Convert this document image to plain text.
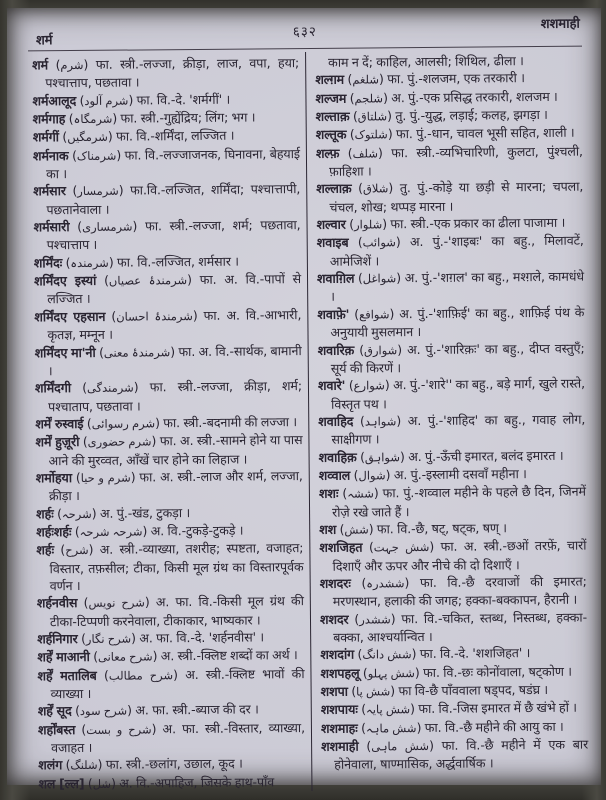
शर्म
६३२	शशमाही
शर्म (شرم) फा. स्त्री.-लज्जा, क्रीड़ा, लाज, वपा, हया; पश्चात्ताप, पछतावा ।
शर्मआलूद (شرم آلود) फा. वि.-दे. 'शर्मगीं' ।
शर्मगाह (شرمگاہ) फा. स्त्री.-गुह्येंद्रिय; लिंग; भग ।
शर्मगीं (شرمگیں) फा. वि.-शर्मिंदा, लज्जित ।
शर्मनाक (شرمناک) फा. वि.-लज्जाजनक, घिनावना, बेहयाई का ।
शर्मसार (شرمسار) फा.वि.-लज्जित, शर्मिंदा; पश्चात्तापी, पछतानेवाला ।
शर्मसारी (شرمساری) फा. स्त्री.-लज्जा, शर्म; पछतावा, पश्चात्ताप ।
शर्मिंदः (شرمندہ) फा. वि.-लज्जित, शर्मसार ।
शर्मिंदए इस्यां (شرمندۂ عصیاں) फा. अ. वि.-पापों से लज्जित ।
शर्मिंदए एहसान (شرمندۂ احسان) फा. अ. वि.-आभारी, कृतज्ञ, मम्नून ।
शर्मिंदए मा'नी (شرمندۂ معنی) फा. अ. वि.-सार्थक, बामानी ।
शर्मिंदगी (شرمندگی) फा. स्त्री.-लज्जा, क्रीड़ा, शर्म; पश्चाताप, पछतावा ।
शर्में रुस्वाई (شرم رسوائی) फा. स्त्री.-बदनामी की लज्जा ।
शर्में हुज़ूरी (شرم حضوری) फा. अ. स्त्री.-सामने होने या पास आने की मुरव्वत, आँखें चार होने का लिहाज ।
शर्मोहया (شرم و حیا) फा. अ. स्त्री.-लाज और शर्म, लज्जा, क्रीड़ा ।
शर्हः (شرحہ) अ. पुं.-खंड, टुकड़ा ।
शर्हःशर्हः (شرحہ شرحہ) अ. वि.-टुकड़े-टुकड़े ।
शर्हः (شرح) अ. स्त्री.-व्याख्या, तशरीह; स्पष्टता, वजाहत; विस्तार, तफ़सील; टीका, किसी मूल ग्रंथ का विस्तारपूर्वक वर्णन ।
शर्हनवीस (شرح نویس) अ. फा. वि.-किसी मूल ग्रंथ की टीका-टिप्पणी करनेवाला, टीकाकार, भाष्यकार ।
शर्हनिगार (شرح نگار) अ. फा. वि.-दे. 'शर्हनवीस' ।
शर्हें माआनी (شرح معانی) अ. स्त्री.-क्लिष्ट शब्दों का अर्थ ।
शर्हें मतालिब (شرح مطالب) अ. स्त्री.-क्लिष्ट भावों की व्याख्या ।
शर्हें सूद (شرح سود) अ. फा. स्त्री.-ब्याज की दर ।
शर्होंबस्त (شرح و بست) अ. फा. स्त्री.-विस्तार, व्याख्या, वजाहत ।
शलंग (شلنگ) फा. स्त्री.-छलांग, उछाल, कूद ।
शल [ल्ल] (شل) अ. वि.-अपाहिज, जिसके हाथ-पाँव
काम न दें; काहिल, आलसी; शिथिल, ढीला ।
शल्ग़म (شلغم) फा. पुं.-शलजम, एक तरकारी ।
शल्जम (شلجم) अ. पुं.-एक प्रसिद्ध तरकारी, शलजम ।
शल्ताक़ (شلتاق) तु. पुं.-युद्ध, लड़ाई; कलह, झगड़ा ।
शल्तूक (شلتوک) फा. पुं.-धान, चावल भूसी सहित, शाली ।
शल्फ़ (شلف) फा. स्त्री.-व्यभिचारिणी, कुलटा, पुंश्चली, फ़ाहिशा ।
शल्लाक़ (شلاق) तु. पुं.-कोड़े या छड़ी से मारना; चपला, चंचल, शोख; थप्पड़ मारना ।
शल्वार (شلوار) फा. स्त्री.-एक प्रकार का ढीला पाजामा ।
शवाइब (شوائب) अ. पुं.-'शाइबः' का बहु., मिलावटें, आमेजिशें ।
शवाग़िल (شواغل) अ. पुं.-'शग़ल' का बहु., मश्ग़ले, कामधंधे ।
शवाफ़े' (شوافع) अ. पुं.-'शाफ़िई' का बहु., शाफ़िई पंथ के अनुयायी मुसलमान ।
शवारिक़ (شوارق) अ. पुं.-'शारिक़ः' का बहु., दीप्त वस्तुएँ; सूर्य की किरणें ।
शवारे' (شوارع) अ. पुं.-'शारे'' का बहु., बड़े मार्ग, खुले रास्ते, विस्तृत पथ ।
शवाहिद (شواہد) अ. पुं.-'शाहिद' का बहु., गवाह लोग, साक्षीगण ।
शवाहिक़ (شواہق) अ. पुं.-ऊँची इमारत, बलंद इमारत ।
शव्वाल (شوال) अ. पुं.-इस्लामी दसवाँ महीना ।
शशः (ششہ) फा. पुं.-शव्वाल महीने के पहले छै दिन, जिनमें रोज़े रखे जाते हैं ।
शश (شش) फा. वि.-छै, षट्, षट्क, षण् ।
शशजिहत (شش جہت) फा. अ. स्त्री.-छओं तरफ़ें, चारों दिशाएँ और ऊपर और नीचे की दो दिशाएँ ।
शशदरः (ششدرہ) फा. वि.-छै दरवाजों की इमारत; मरणस्थान, हलाकी की जगह; हक्का-बक्कापन, हैरानी ।
शशदर (ششدر) फा. वि.-चकित, स्तब्ध, निस्तब्ध, हक्का-बक्का, आश्चर्यान्वित ।
शशदांग (شش دانگ) फा. वि.-दे. 'शशजिहत' ।
शशपहलू (شش پہلو) फा. वि.-छः कोनोंवाला, षट्कोण ।
शशपा (شش پا) फा वि-छै पाँववाला षड्पद, षडंघ्र ।
शशपायः (شش پایہ) फा. वि.-जिस इमारत में छै खंभे हों ।
शशमाहः (شش ماہہ) फा. वि.-छै महीने की आयु का ।
शशमाही (شش ماہی) फा. वि.-छै महीने में एक बार होनेवाला, षाण्मासिक, अर्द्धवार्षिक ।
